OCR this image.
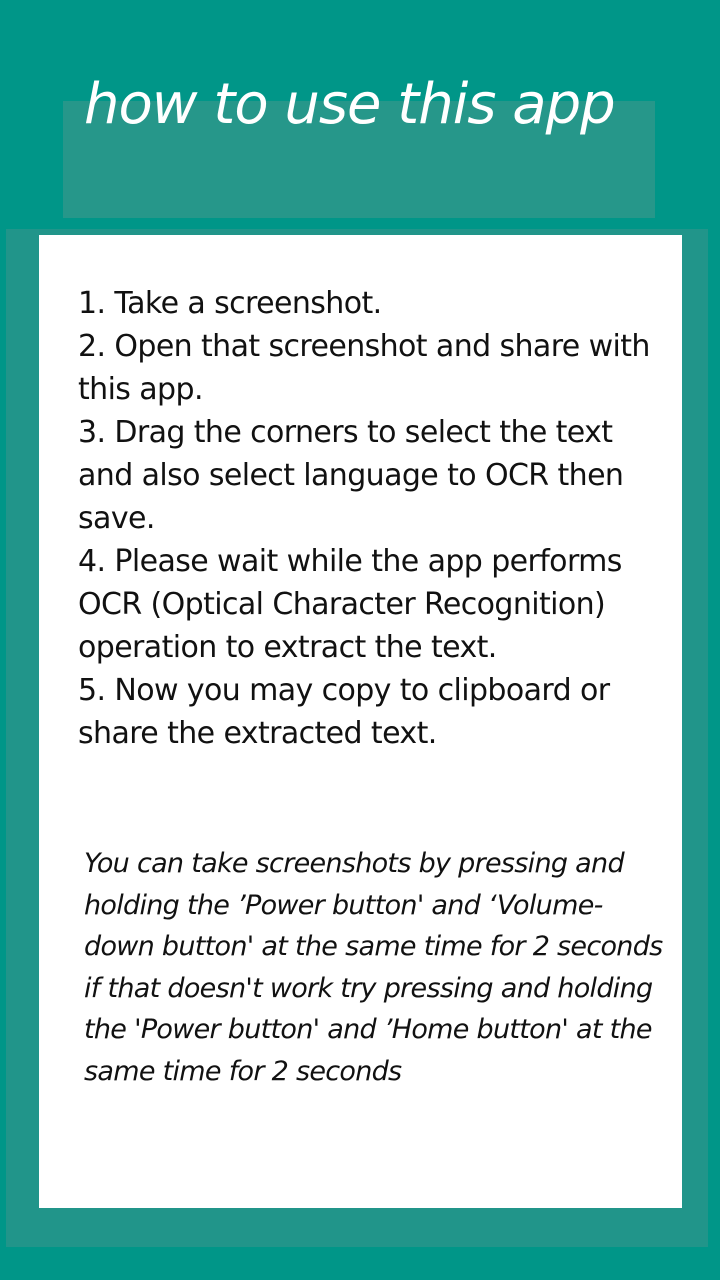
how to use this app
1. Take a screenshot.
2. Open that screenshot and share with this app.
3. Drag the corners to select the text and also select language to OCR then save.
4. Please wait while the app performs OCR (Optical Character Recognition) operation to extract the text.
5. Now you may copy to clipboard or share the extracted text.

You can take screenshots by pressing and holding the ’Power button' and ‘Volume-down button' at the same time for 2 seconds
if that doesn't work try pressing and holding the 'Power button' and ’Home button' at the same time for 2 seconds
